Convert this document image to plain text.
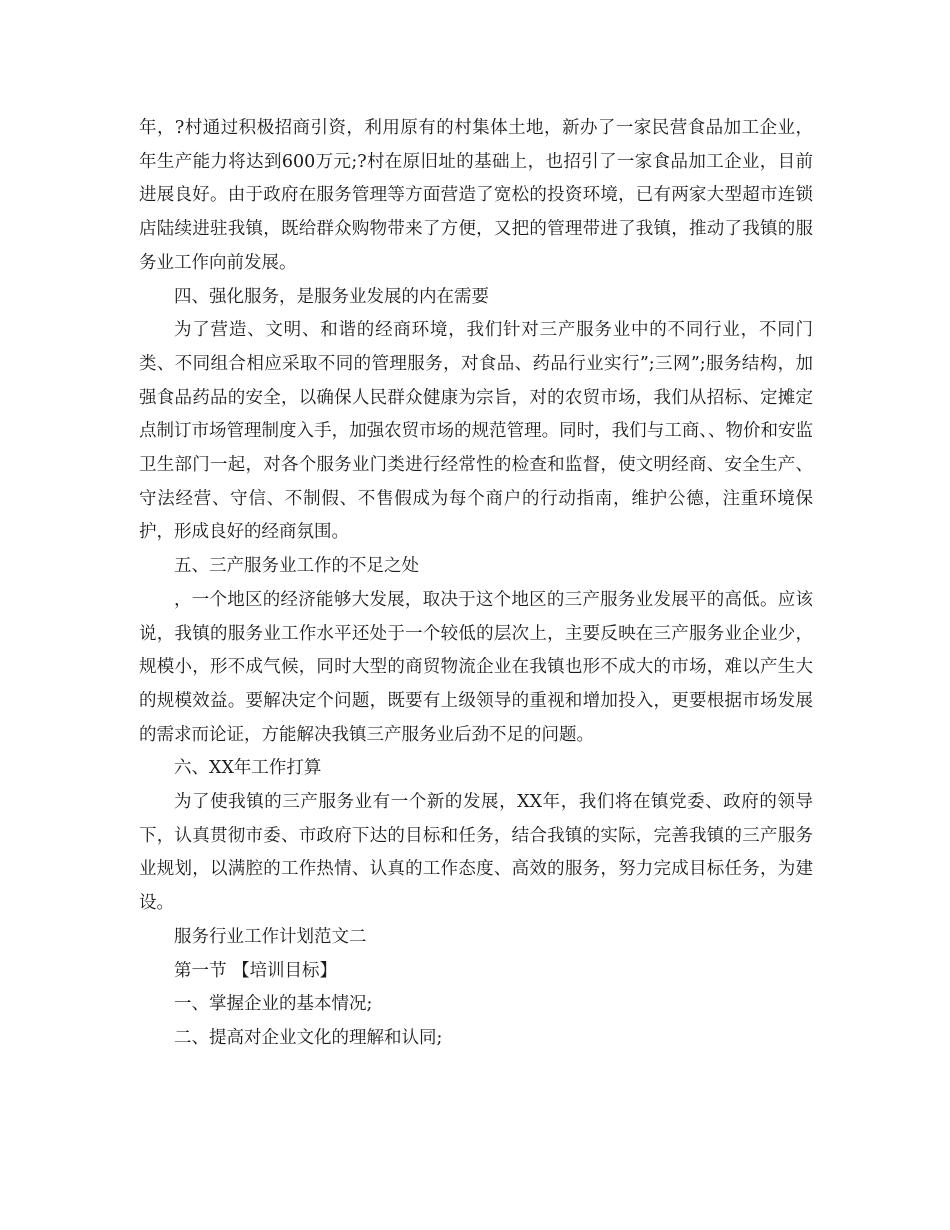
年，?村通过积极招商引资，利用原有的村集体土地，新办了一家民营食品加工企业，年生产能力将达到600万元;?村在原旧址的基础上，也招引了一家食品加工企业，目前进展良好。由于政府在服务管理等方面营造了宽松的投资环境，已有两家大型超市连锁店陆续进驻我镇，既给群众购物带来了方便，又把的管理带进了我镇，推动了我镇的服务业工作向前发展。

四、强化服务，是服务业发展的内在需要

为了营造、文明、和谐的经商环境，我们针对三产服务业中的不同行业，不同门类、不同组合相应采取不同的管理服务，对食品、药品行业实行”;三网”;服务结构，加强食品药品的安全，以确保人民群众健康为宗旨，对的农贸市场，我们从招标、定摊定点制订市场管理制度入手，加强农贸市场的规范管理。同时，我们与工商、、物价和安监卫生部门一起，对各个服务业门类进行经常性的检查和监督，使文明经商、安全生产、守法经营、守信、不制假、不售假成为每个商户的行动指南，维护公德，注重环境保护，形成良好的经商氛围。

五、三产服务业工作的不足之处

，一个地区的经济能够大发展，取决于这个地区的三产服务业发展平的高低。应该说，我镇的服务业工作水平还处于一个较低的层次上，主要反映在三产服务业企业少，规模小，形不成气候，同时大型的商贸物流企业在我镇也形不成大的市场，难以产生大的规模效益。要解决定个问题，既要有上级领导的重视和增加投入，更要根据市场发展的需求而论证，方能解决我镇三产服务业后劲不足的问题。

六、XX年工作打算

为了使我镇的三产服务业有一个新的发展，XX年，我们将在镇党委、政府的领导下，认真贯彻市委、市政府下达的目标和任务，结合我镇的实际，完善我镇的三产服务业规划，以满腔的工作热情、认真的工作态度、高效的服务，努力完成目标任务，为建设。

服务行业工作计划范文二

第一节 【培训目标】

一、掌握企业的基本情况;

二、提高对企业文化的理解和认同;
